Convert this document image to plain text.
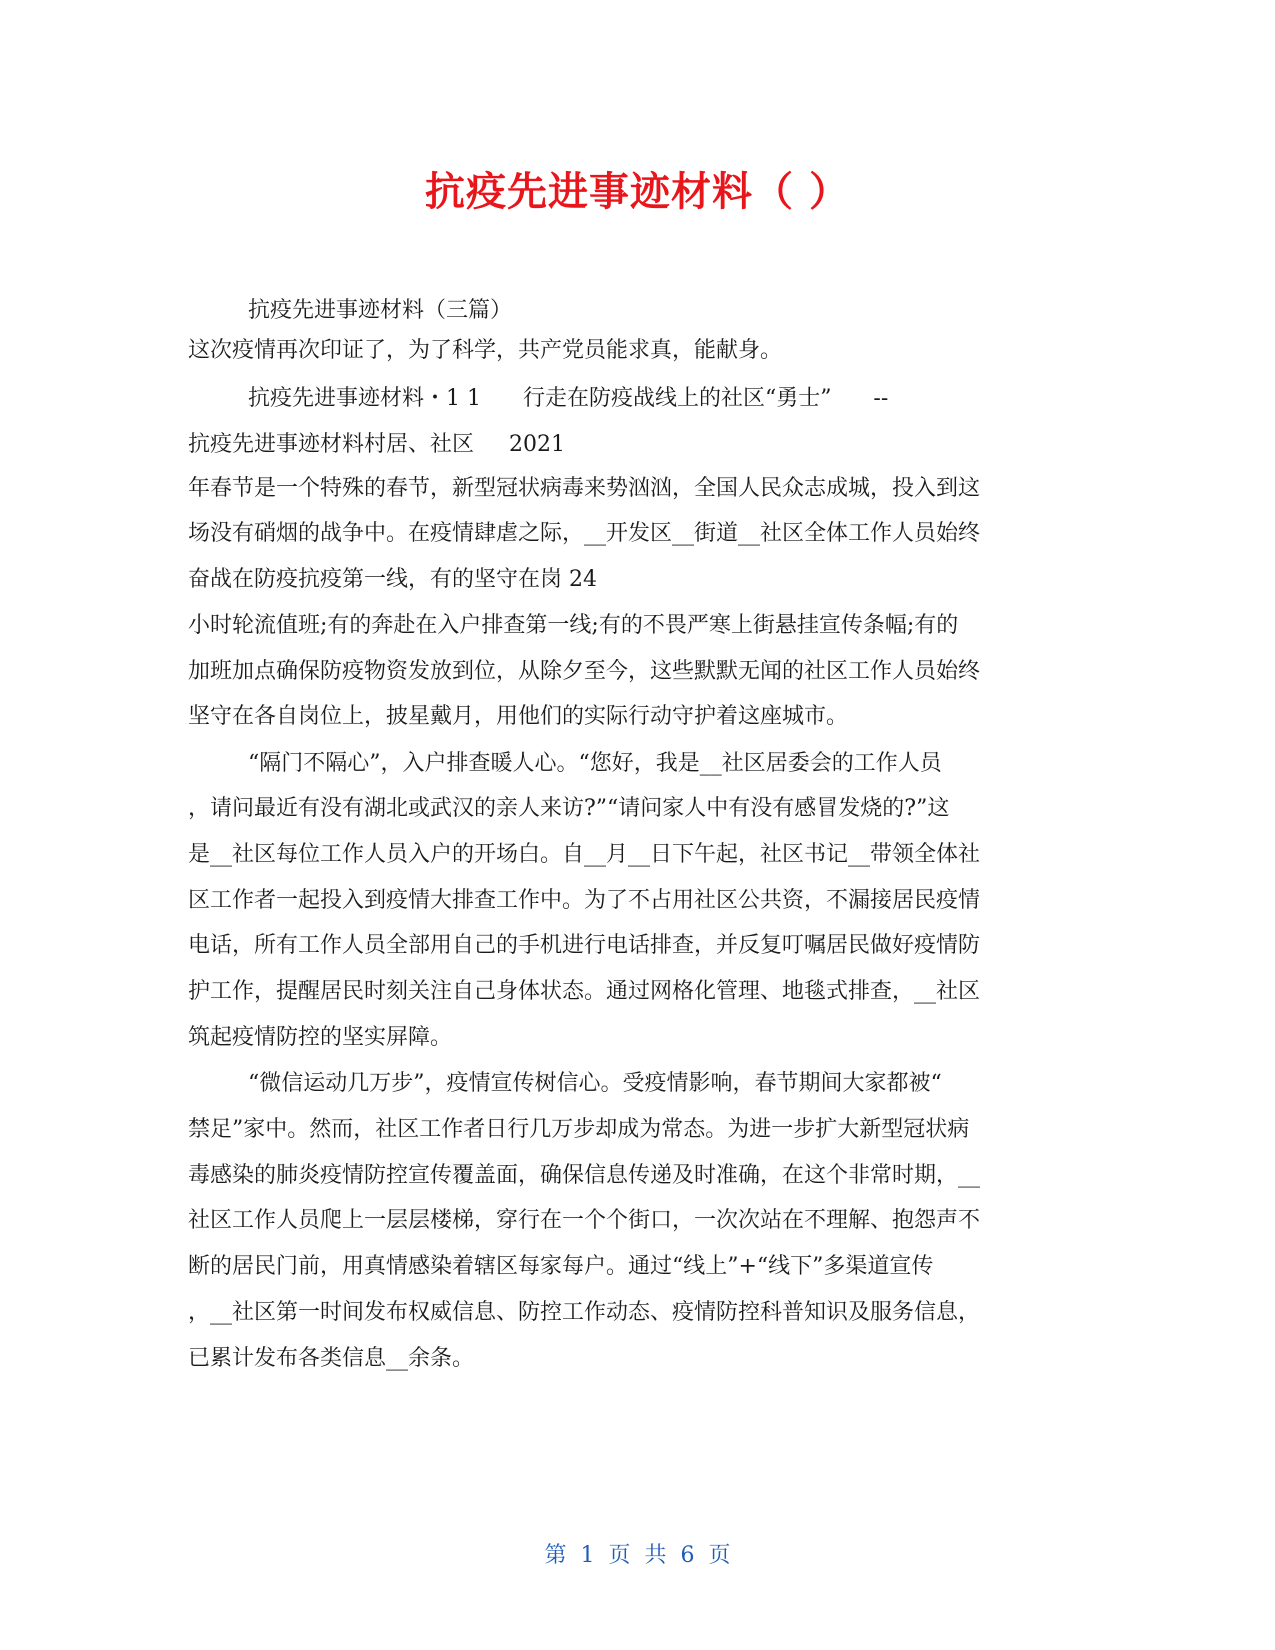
抗疫先进事迹材料（ ）
抗疫先进事迹材料（三篇）
这次疫情再次印证了，为了科学，共产党员能求真，能献身。
抗疫先进事迹材料・1 1      行走在防疫战线上的社区“勇士”      --
抗疫先进事迹材料村居、社区     2021
年春节是一个特殊的春节，新型冠状病毒来势汹汹，全国人民众志成城，投入到这
场没有硝烟的战争中。在疫情肆虐之际，__开发区__街道__社区全体工作人员始终
奋战在防疫抗疫第一线，有的坚守在岗 24
小时轮流值班;有的奔赴在入户排查第一线;有的不畏严寒上街悬挂宣传条幅;有的
加班加点确保防疫物资发放到位，从除夕至今，这些默默无闻的社区工作人员始终
坚守在各自岗位上，披星戴月，用他们的实际行动守护着这座城市。
“隔门不隔心”，入户排查暖人心。“您好，我是__社区居委会的工作人员
，请问最近有没有湖北或武汉的亲人来访?”“请问家人中有没有感冒发烧的?”这
是__社区每位工作人员入户的开场白。自__月__日下午起，社区书记__带领全体社
区工作者一起投入到疫情大排查工作中。为了不占用社区公共资，不漏接居民疫情
电话，所有工作人员全部用自己的手机进行电话排查，并反复叮嘱居民做好疫情防
护工作，提醒居民时刻关注自己身体状态。通过网格化管理、地毯式排查，__社区
筑起疫情防控的坚实屏障。
“微信运动几万步”，疫情宣传树信心。受疫情影响，春节期间大家都被“
禁足”家中。然而，社区工作者日行几万步却成为常态。为进一步扩大新型冠状病
毒感染的肺炎疫情防控宣传覆盖面，确保信息传递及时准确，在这个非常时期，__
社区工作人员爬上一层层楼梯，穿行在一个个街口，一次次站在不理解、抱怨声不
断的居民门前，用真情感染着辖区每家每户。通过“线上”+“线下”多渠道宣传
，__社区第一时间发布权威信息、防控工作动态、疫情防控科普知识及服务信息，
已累计发布各类信息__余条。
第  1  页  共  6  页
